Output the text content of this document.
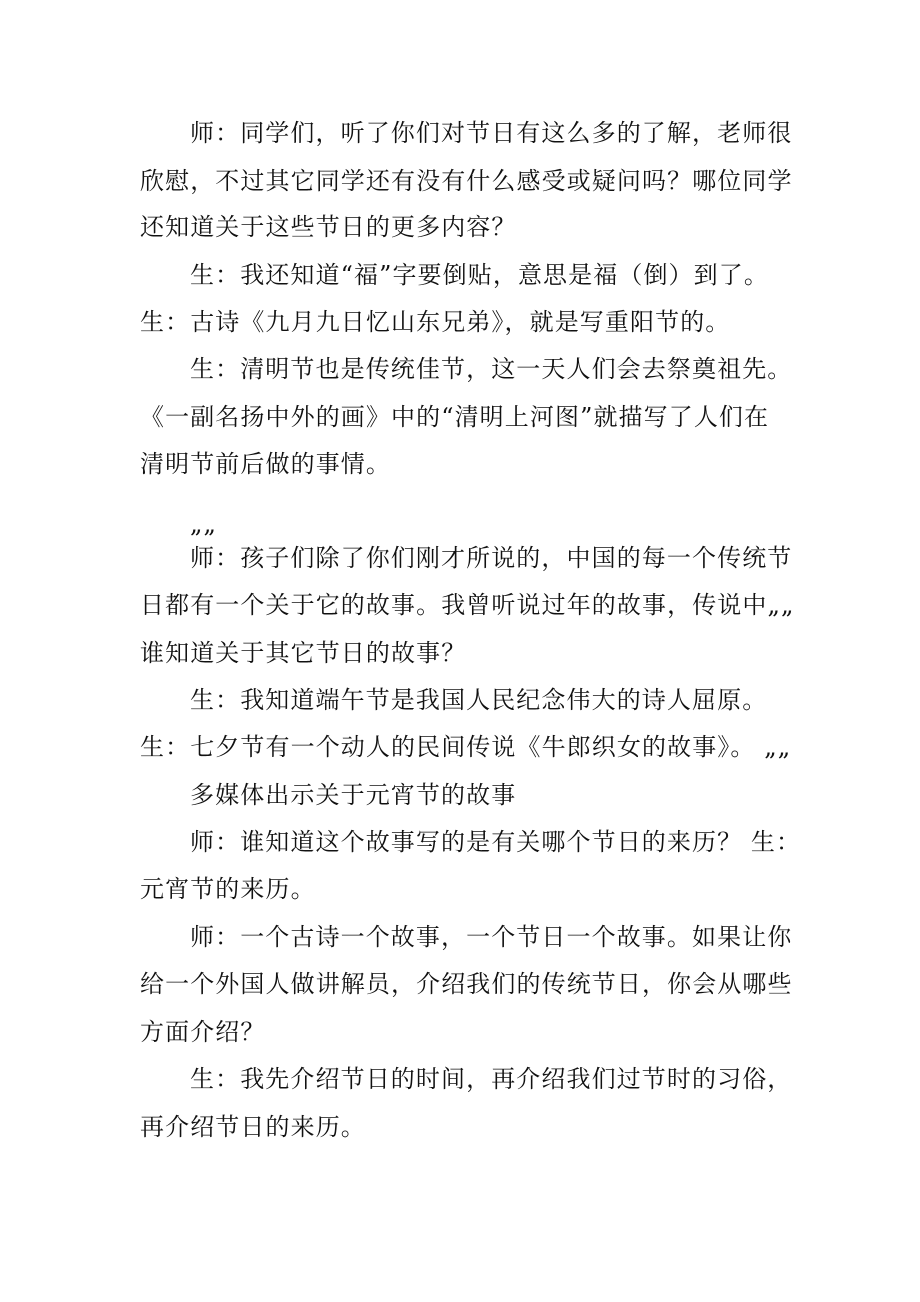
师：同学们，听了你们对节日有这么多的了解，老师很
欣慰，不过其它同学还有没有什么感受或疑问吗？哪位同学
还知道关于这些节日的更多内容？
生：我还知道“福”字要倒贴，意思是福（倒）到了。
生：古诗《九月九日忆山东兄弟》，就是写重阳节的。
生：清明节也是传统佳节，这一天人们会去祭奠祖先。
《一副名扬中外的画》中的“清明上河图”就描写了人们在
清明节前后做的事情。
„„
师：孩子们除了你们刚才所说的，中国的每一个传统节
日都有一个关于它的故事。我曾听说过年的故事，传说中„„
谁知道关于其它节日的故事？
生：我知道端午节是我国人民纪念伟大的诗人屈原。
生：七夕节有一个动人的民间传说《牛郎织女的故事》。 „„
多媒体出示关于元宵节的故事
师：谁知道这个故事写的是有关哪个节日的来历？ 生：
元宵节的来历。
师：一个古诗一个故事，一个节日一个故事。如果让你
给一个外国人做讲解员，介绍我们的传统节日，你会从哪些
方面介绍？
生：我先介绍节日的时间，再介绍我们过节时的习俗，
再介绍节日的来历。
